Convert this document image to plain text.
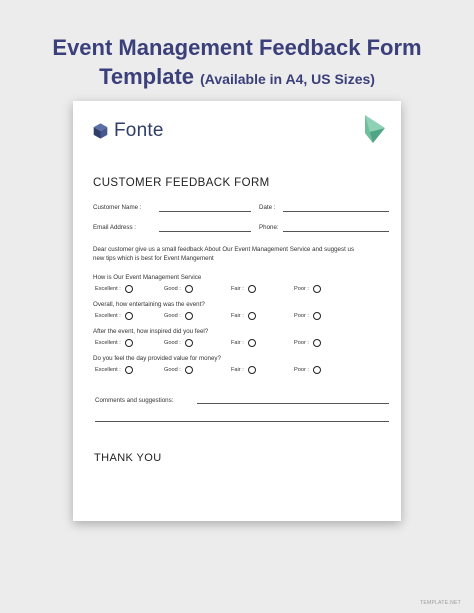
Event Management Feedback Form
Template (Available in A4, US Sizes)
Fonte
CUSTOMER FEEDBACK FORM
Customer Name :	Date :
Email Address :	Phone:
Dear customer give us a small feedback About Our Event Management Service and suggest us new tips which is best for Event Mangement
How is Our Event Management Service
Excellent :	Good :	Fair :	Poor :
Overall, how entertaining was the event?
Excellent :	Good :	Fair :	Poor :
After the event, how inspired did you feel?
Excellent :	Good :	Fair :	Poor :
Do you feel the day provided value for money?
Excellent :	Good :	Fair :	Poor :
Comments and suggestions:
THANK YOU
TEMPLATE.NET
